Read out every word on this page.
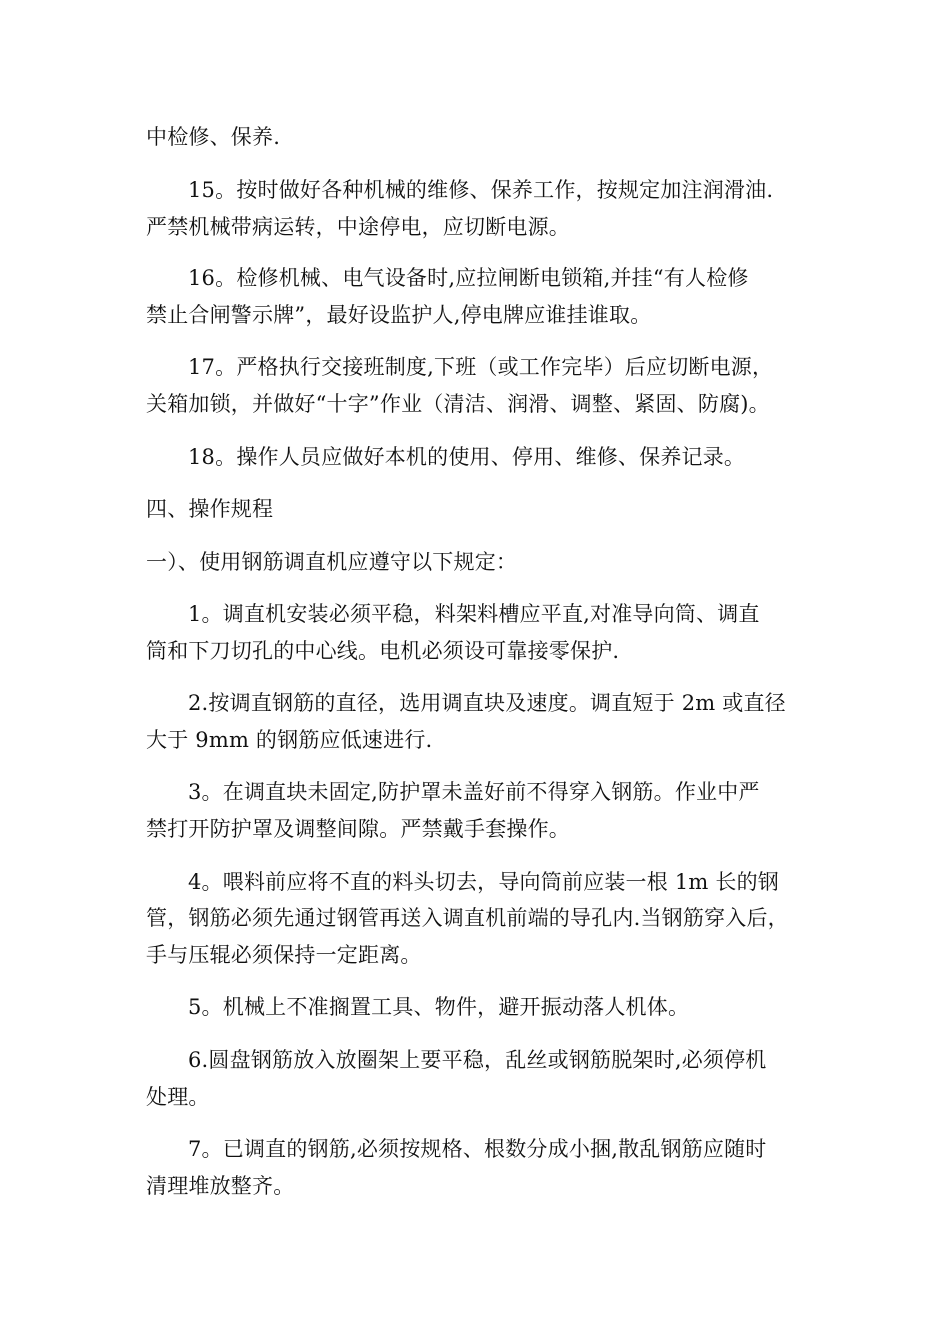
中检修、保养.
15。按时做好各种机械的维修、保养工作，按规定加注润滑油.
严禁机械带病运转，中途停电，应切断电源。
16。检修机械、电气设备时,应拉闸断电锁箱,并挂“有人检修
禁止合闸警示牌”，最好设监护人,停电牌应谁挂谁取。
17。严格执行交接班制度,下班（或工作完毕）后应切断电源，
关箱加锁，并做好“十字”作业（清洁、润滑、调整、紧固、防腐)。
18。操作人员应做好本机的使用、停用、维修、保养记录。
四、操作规程
一）、使用钢筋调直机应遵守以下规定：
1。调直机安装必须平稳，料架料槽应平直,对准导向筒、调直
筒和下刀切孔的中心线。电机必须设可靠接零保护.
2.按调直钢筋的直径，选用调直块及速度。调直短于 2m 或直径
大于 9mm 的钢筋应低速进行.
3。在调直块未固定,防护罩未盖好前不得穿入钢筋。作业中严
禁打开防护罩及调整间隙。严禁戴手套操作。
4。喂料前应将不直的料头切去，导向筒前应装一根 1m 长的钢
管，钢筋必须先通过钢管再送入调直机前端的导孔内.当钢筋穿入后，
手与压辊必须保持一定距离。
5。机械上不准搁置工具、物件，避开振动落人机体。
6.圆盘钢筋放入放圈架上要平稳，乱丝或钢筋脱架时,必须停机
处理。
7。已调直的钢筋,必须按规格、根数分成小捆,散乱钢筋应随时
清理堆放整齐。
